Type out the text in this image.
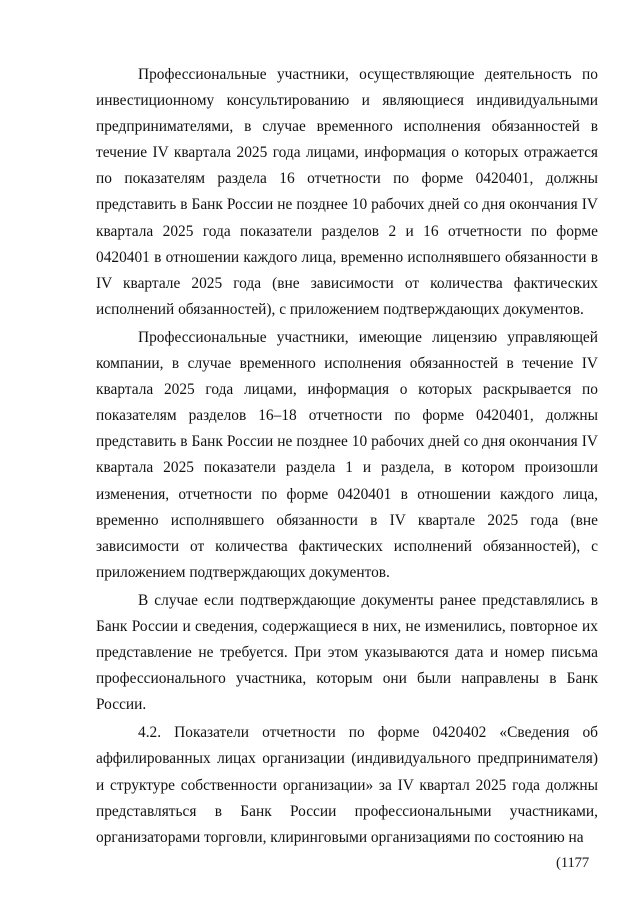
Профессиональные участники, осуществляющие деятельность по инвестиционному консультированию и являющиеся индивидуальными предпринимателями, в случае временного исполнения обязанностей в течение IV квартала 2025 года лицами, информация о которых отражается по показателям раздела 16 отчетности по форме 0420401, должны представить в Банк России не позднее 10 рабочих дней со дня окончания IV квартала 2025 года показатели разделов 2 и 16 отчетности по форме 0420401 в отношении каждого лица, временно исполнявшего обязанности в IV квартале 2025 года (вне зависимости от количества фактических исполнений обязанностей), с приложением подтверждающих документов.

Профессиональные участники, имеющие лицензию управляющей компании, в случае временного исполнения обязанностей в течение IV квартала 2025 года лицами, информация о которых раскрывается по показателям разделов 16–18 отчетности по форме 0420401, должны представить в Банк России не позднее 10 рабочих дней со дня окончания IV квартала 2025 показатели раздела 1 и раздела, в котором произошли изменения, отчетности по форме 0420401 в отношении каждого лица, временно исполнявшего обязанности в IV квартале 2025 года (вне зависимости от количества фактических исполнений обязанностей), с приложением подтверждающих документов.

В случае если подтверждающие документы ранее представлялись в Банк России и сведения, содержащиеся в них, не изменились, повторное их представление не требуется. При этом указываются дата и номер письма профессионального участника, которым они были направлены в Банк России.

4.2. Показатели отчетности по форме 0420402 «Сведения об аффилированных лицах организации (индивидуального предпринимателя) и структуре собственности организации» за IV квартал 2025 года должны представляться в Банк России профессиональными участниками, организаторами торговли, клиринговыми организациями по состоянию на

(1177
